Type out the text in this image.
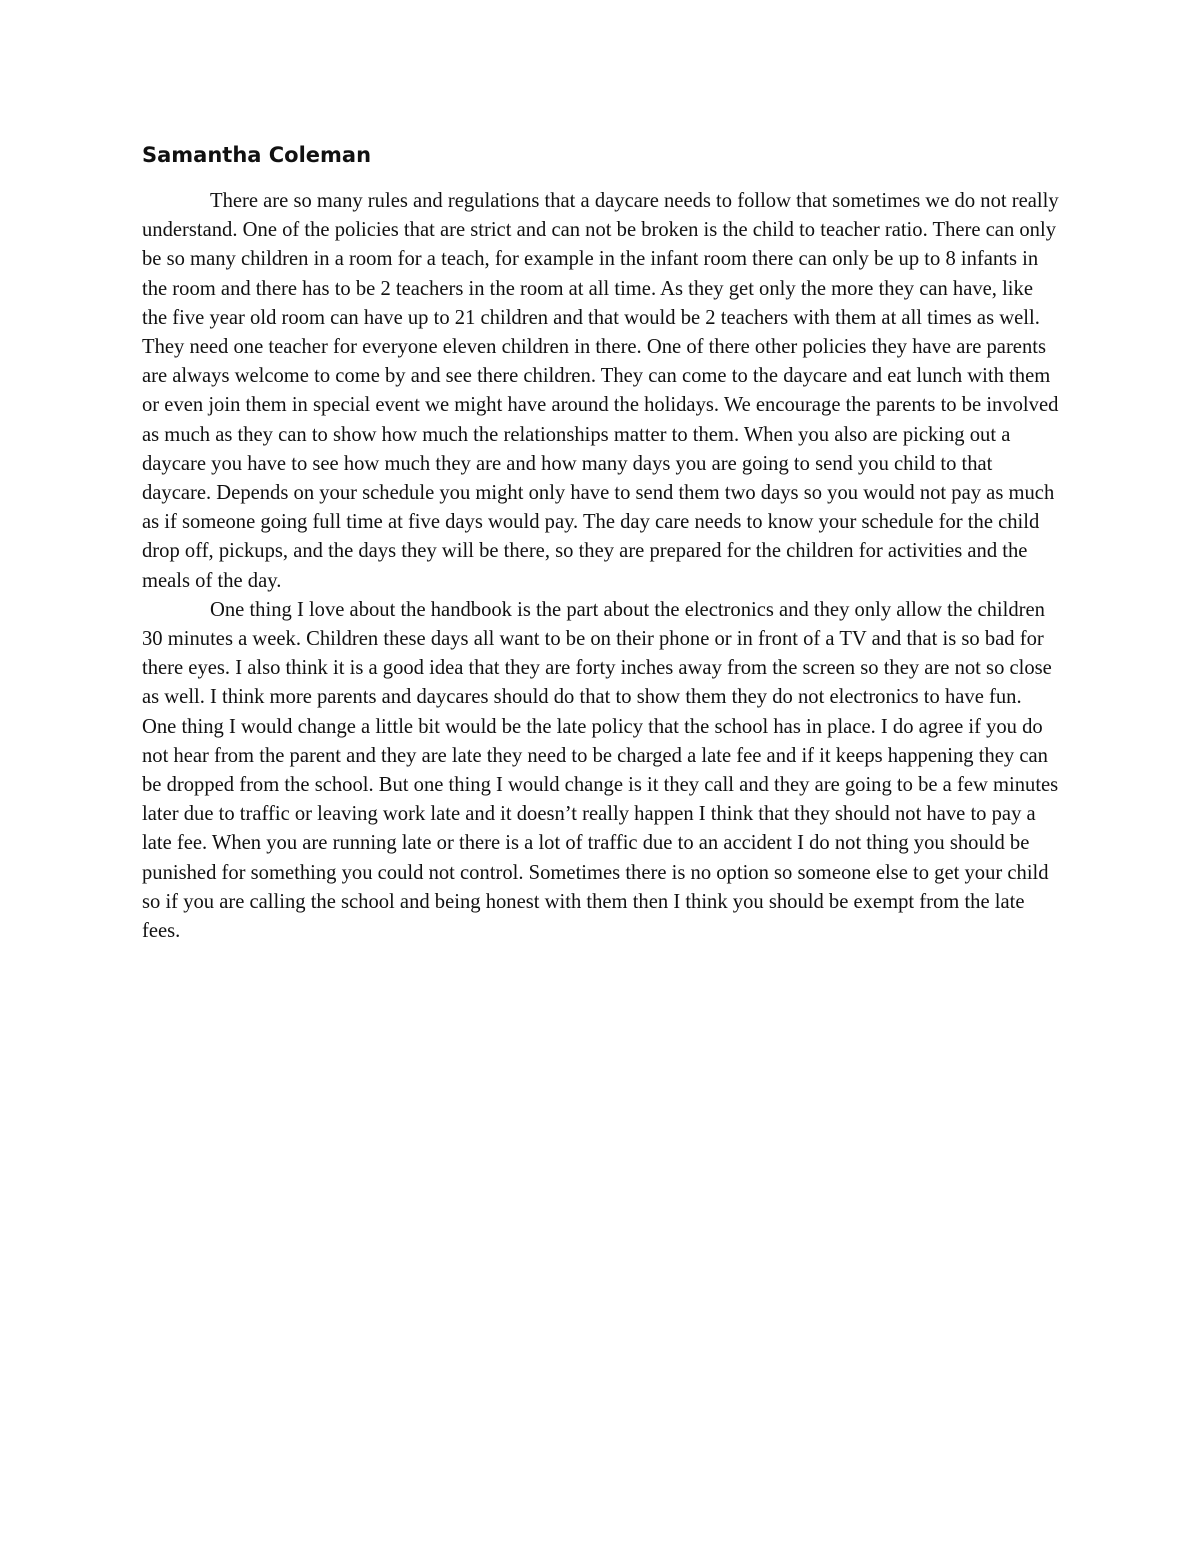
Samantha Coleman

There are so many rules and regulations that a daycare needs to follow that sometimes we do not really understand. One of the policies that are strict and can not be broken is the child to teacher ratio. There can only be so many children in a room for a teach, for example in the infant room there can only be up to 8 infants in the room and there has to be 2 teachers in the room at all time. As they get only the more they can have, like the five year old room can have up to 21 children and that would be 2 teachers with them at all times as well. They need one teacher for everyone eleven children in there. One of there other policies they have are parents are always welcome to come by and see there children. They can come to the daycare and eat lunch with them or even join them in special event we might have around the holidays. We encourage the parents to be involved as much as they can to show how much the relationships matter to them. When you also are picking out a daycare you have to see how much they are and how many days you are going to send you child to that daycare. Depends on your schedule you might only have to send them two days so you would not pay as much as if someone going full time at five days would pay. The day care needs to know your schedule for the child drop off, pickups, and the days they will be there, so they are prepared for the children for activities and the meals of the day.

One thing I love about the handbook is the part about the electronics and they only allow the children 30 minutes a week. Children these days all want to be on their phone or in front of a TV and that is so bad for there eyes. I also think it is a good idea that they are forty inches away from the screen so they are not so close as well. I think more parents and daycares should do that to show them they do not electronics to have fun. One thing I would change a little bit would be the late policy that the school has in place. I do agree if you do not hear from the parent and they are late they need to be charged a late fee and if it keeps happening they can be dropped from the school. But one thing I would change is it they call and they are going to be a few minutes later due to traffic or leaving work late and it doesn’t really happen I think that they should not have to pay a late fee. When you are running late or there is a lot of traffic due to an accident I do not thing you should be punished for something you could not control. Sometimes there is no option so someone else to get your child so if you are calling the school and being honest with them then I think you should be exempt from the late fees.
